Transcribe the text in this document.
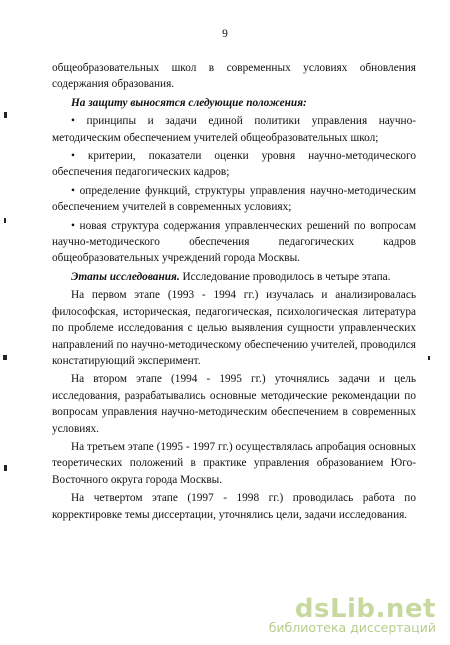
9

общеобразовательных школ в современных условиях обновления содержания образования.

На защиту выносятся следующие положения:

• принципы и задачи единой политики управления научно-методическим обеспечением учителей общеобразовательных школ;

• критерии, показатели оценки уровня научно-методического обеспечения педагогических кадров;

• определение функций, структуры управления научно-методическим обеспечением учителей в современных условиях;

• новая структура содержания управленческих решений по вопросам научно-методического обеспечения педагогических кадров общеобразовательных учреждений города Москвы.

Этапы исследования. Исследование проводилось в четыре этапа.

На первом этапе (1993 - 1994 гг.) изучалась и анализировалась философская, историческая, педагогическая, психологическая литература по проблеме исследования с целью выявления сущности управленческих направлений по научно-методическому обеспечению учителей, проводился констатирующий эксперимент.

На втором этапе (1994 - 1995 гг.) уточнялись задачи и цель исследования, разрабатывались основные методические рекомендации по вопросам управления научно-методическим обеспечением в современных условиях.

На третьем этапе (1995 - 1997 гг.) осуществлялась апробация основных теоретических положений в практике управления образованием Юго-Восточного округа города Москвы.

На четвертом этапе (1997 - 1998 гг.) проводилась работа по корректировке темы диссертации, уточнялись цели, задачи исследования.

dsLib.net
библиотека диссертаций
